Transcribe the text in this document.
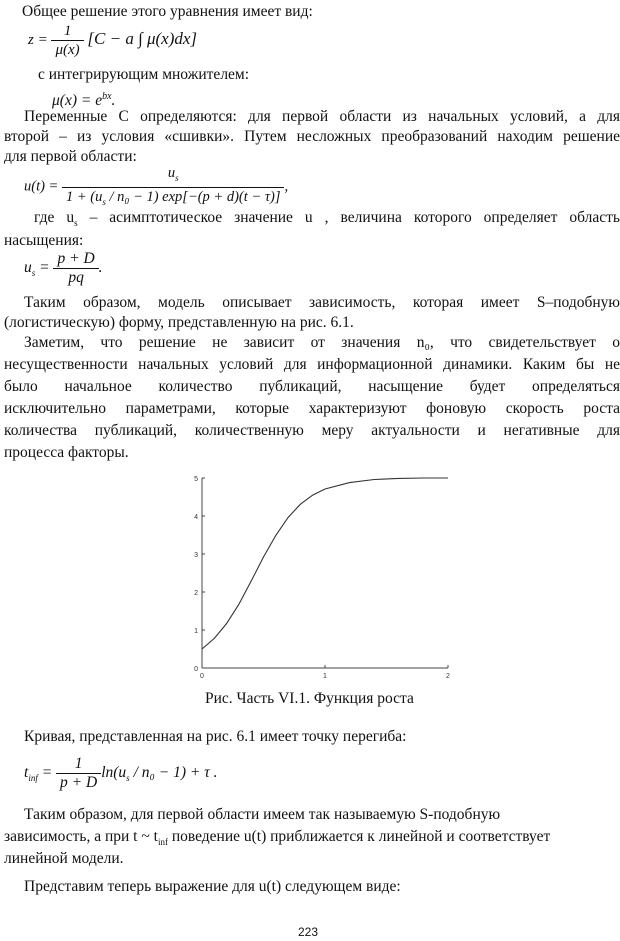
Общее решение этого уравнения имеет вид:
$z = \frac{1}{\mu(x)} [C - a$ ∫ μ(x)dx]
с интегрирующим множителем:
$\mu(x) = e^{bx}$.
Переменные C определяются: для первой области из начальных условий, а для
второй – из условия «сшивки». Путем несложных преобразований находим решение
для первой области:
$u(t) = \frac{u_s}{1 + (u_s / n_0 - 1) \exp[-(p + d)(t - \tau)]}$ ,
где $u_s$ – асимптотическое значение u , величина которого определяет область
насыщения:
$u_s = \frac{p + D}{pq}$ .
Таким образом, модель описывает зависимость, которая имеет S–подобную
(логистическую) форму, представленную на рис. 6.1.
Заметим, что решение не зависит от значения n₀, что свидетельствует о
несущественности начальных условий для информационной динамики. Каким бы не
было начальное количество публикаций, насыщение будет определяться
исключительно параметрами, которые характеризуют фоновую скорость роста
количества публикаций, количественную меру актуальности и негативные для
процесса факторы.
0
1
2
3
4
5
0	1	2
Рис. Часть VI.1. Функция роста
Кривая, представленная на рис. 6.1 имеет точку перегиба:
$t_{inf} = \frac{1}{p + D} \ln(u_s / n_0 - 1) + \tau$ .
Таким образом, для первой области имеем так называемую S-подобную
зависимость, а при t ~ $t_{inf}$ поведение u(t) приближается к линейной и соответствует
линейной модели.
Представим теперь выражение для u(t) следующем виде:
223
